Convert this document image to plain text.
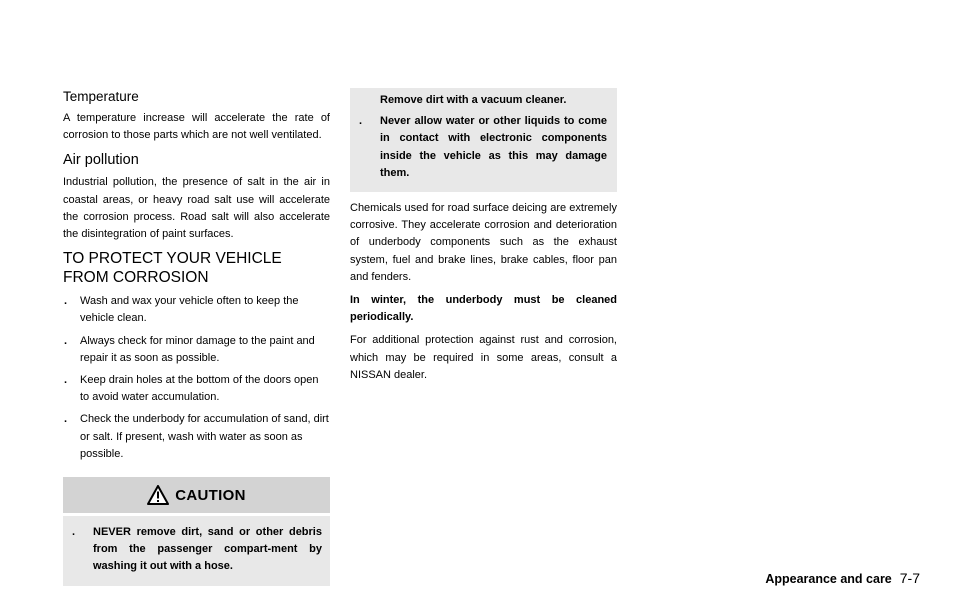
Temperature

A temperature increase will accelerate the rate of corrosion to those parts which are not well ventilated.

Air pollution

Industrial pollution, the presence of salt in the air in coastal areas, or heavy road salt use will accelerate the corrosion process. Road salt will also accelerate the disintegration of paint surfaces.

TO PROTECT YOUR VEHICLE FROM CORROSION
. Wash and wax your vehicle often to keep the vehicle clean.
. Always check for minor damage to the paint and repair it as soon as possible.
. Keep drain holes at the bottom of the doors open to avoid water accumulation.
. Check the underbody for accumulation of sand, dirt or salt. If present, wash with water as soon as possible.
CAUTION
. NEVER remove dirt, sand or other debris from the passenger compart-ment by washing it out with a hose.
Remove dirt with a vacuum cleaner.
. Never allow water or other liquids to come in contact with electronic components inside the vehicle as this may damage them.

Chemicals used for road surface deicing are extremely corrosive. They accelerate corrosion and deterioration of underbody components such as the exhaust system, fuel and brake lines, brake cables, floor pan and fenders.

In winter, the underbody must be cleaned periodically.

For additional protection against rust and corrosion, which may be required in some areas, consult a NISSAN dealer.

Appearance and care 7-7
